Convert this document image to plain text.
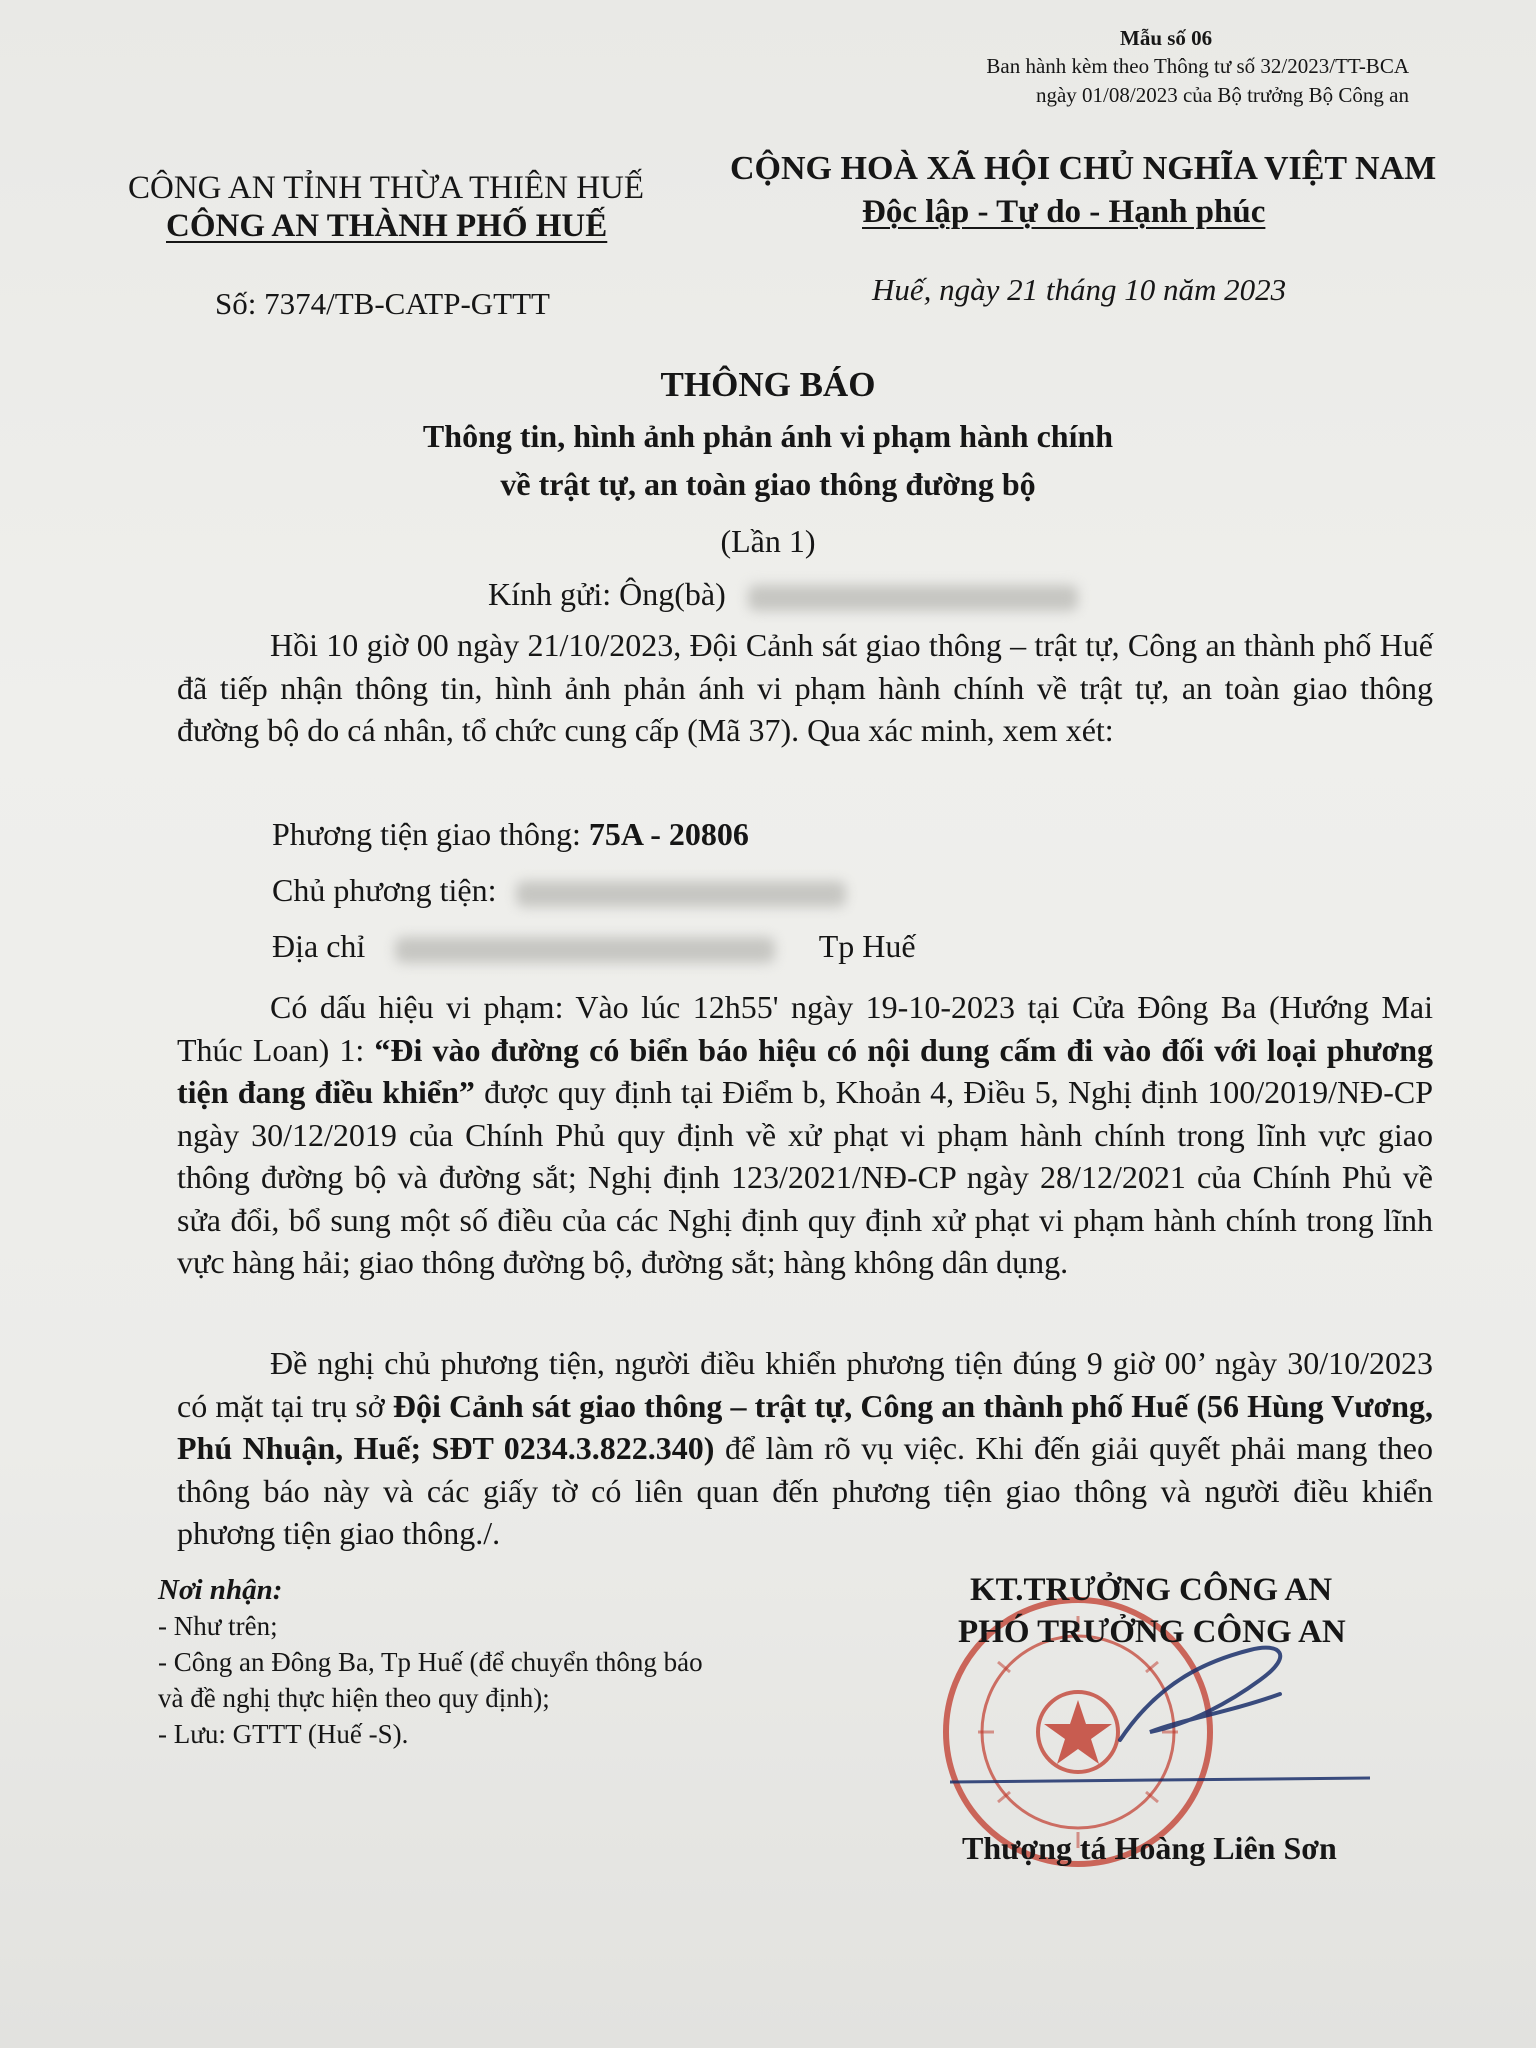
Mẫu số 06
Ban hành kèm theo Thông tư số 32/2023/TT-BCA
ngày 01/08/2023 của Bộ trưởng Bộ Công an
CÔNG AN TỈNH THỪA THIÊN HUẾ
CÔNG AN THÀNH PHỐ HUẾ
Số: 7374/TB-CATP-GTTT
CỘNG HOÀ XÃ HỘI CHỦ NGHĨA VIỆT NAM
Độc lập - Tự do - Hạnh phúc
Huế, ngày 21 tháng 10 năm 2023
THÔNG BÁO
Thông tin, hình ảnh phản ánh vi phạm hành chính
về trật tự, an toàn giao thông đường bộ
(Lần 1)
Kính gửi: Ông(bà)

Hồi 10 giờ 00 ngày 21/10/2023, Đội Cảnh sát giao thông – trật tự, Công an thành phố Huế đã tiếp nhận thông tin, hình ảnh phản ánh vi phạm hành chính về trật tự, an toàn giao thông đường bộ do cá nhân, tổ chức cung cấp (Mã 37). Qua xác minh, xem xét:

Phương tiện giao thông: 75A - 20806
Chủ phương tiện:
Địa chỉ	Tp Huế

Có dấu hiệu vi phạm: Vào lúc 12h55' ngày 19-10-2023 tại Cửa Đông Ba (Hướng Mai Thúc Loan) 1: “Đi vào đường có biển báo hiệu có nội dung cấm đi vào đối với loại phương tiện đang điều khiển” được quy định tại Điểm b, Khoản 4, Điều 5, Nghị định 100/2019/NĐ-CP ngày 30/12/2019 của Chính Phủ quy định về xử phạt vi phạm hành chính trong lĩnh vực giao thông đường bộ và đường sắt; Nghị định 123/2021/NĐ-CP ngày 28/12/2021 của Chính Phủ về sửa đổi, bổ sung một số điều của các Nghị định quy định xử phạt vi phạm hành chính trong lĩnh vực hàng hải; giao thông đường bộ, đường sắt; hàng không dân dụng.

Đề nghị chủ phương tiện, người điều khiển phương tiện đúng 9 giờ 00’ ngày 30/10/2023 có mặt tại trụ sở Đội Cảnh sát giao thông – trật tự, Công an thành phố Huế (56 Hùng Vương, Phú Nhuận, Huế; SĐT 0234.3.822.340) để làm rõ vụ việc. Khi đến giải quyết phải mang theo thông báo này và các giấy tờ có liên quan đến phương tiện giao thông và người điều khiển phương tiện giao thông./.

Nơi nhận:
- Như trên;
- Công an Đông Ba, Tp Huế (để chuyển thông báo
và đề nghị thực hiện theo quy định);
- Lưu: GTTT (Huế -S).
KT.TRƯỞNG CÔNG AN
PHÓ TRƯỞNG CÔNG AN
Thượng tá Hoàng Liên Sơn
